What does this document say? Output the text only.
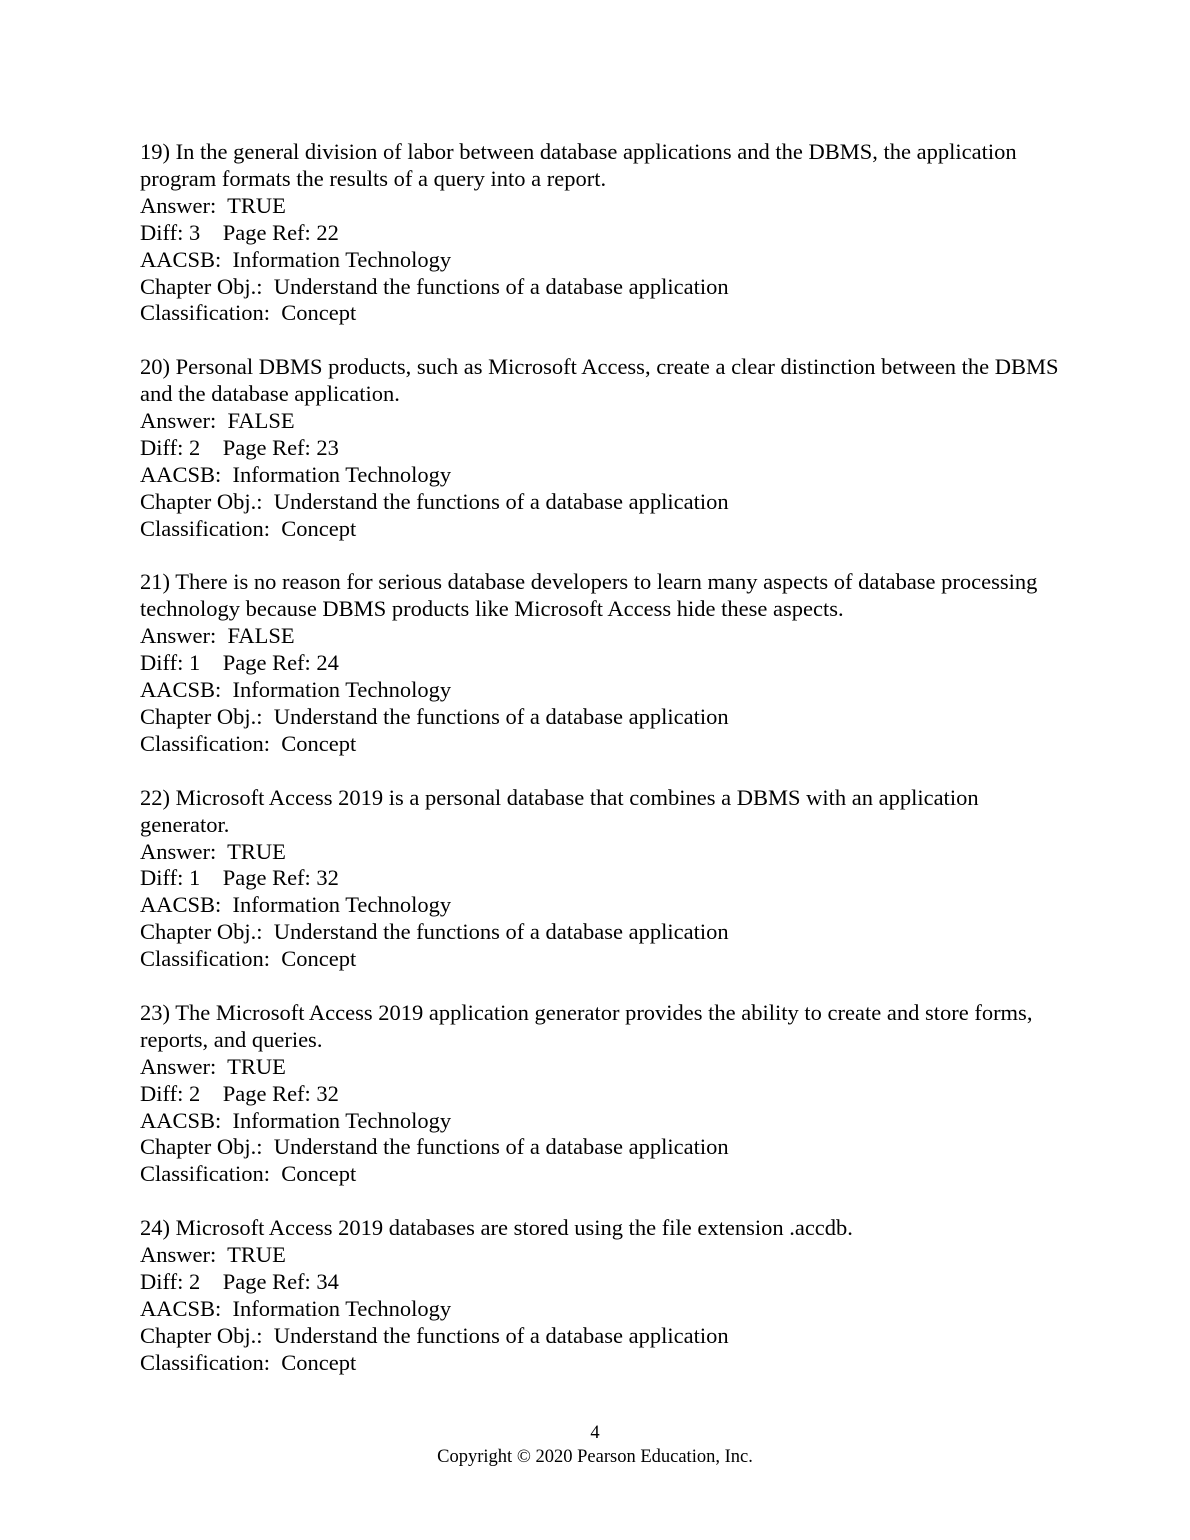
19) In the general division of labor between database applications and the DBMS, the application program formats the results of a query into a report.
Answer:  TRUE
Diff: 3    Page Ref: 22
AACSB:  Information Technology
Chapter Obj.:  Understand the functions of a database application
Classification:  Concept
20) Personal DBMS products, such as Microsoft Access, create a clear distinction between the DBMS and the database application.
Answer:  FALSE
Diff: 2    Page Ref: 23
AACSB:  Information Technology
Chapter Obj.:  Understand the functions of a database application
Classification:  Concept
21) There is no reason for serious database developers to learn many aspects of database processing technology because DBMS products like Microsoft Access hide these aspects.
Answer:  FALSE
Diff: 1    Page Ref: 24
AACSB:  Information Technology
Chapter Obj.:  Understand the functions of a database application
Classification:  Concept
22) Microsoft Access 2019 is a personal database that combines a DBMS with an application generator.
Answer:  TRUE
Diff: 1    Page Ref: 32
AACSB:  Information Technology
Chapter Obj.:  Understand the functions of a database application
Classification:  Concept
23) The Microsoft Access 2019 application generator provides the ability to create and store forms, reports, and queries.
Answer:  TRUE
Diff: 2    Page Ref: 32
AACSB:  Information Technology
Chapter Obj.:  Understand the functions of a database application
Classification:  Concept
24) Microsoft Access 2019 databases are stored using the file extension .accdb.
Answer:  TRUE
Diff: 2    Page Ref: 34
AACSB:  Information Technology
Chapter Obj.:  Understand the functions of a database application
Classification:  Concept
4
Copyright © 2020 Pearson Education, Inc.
